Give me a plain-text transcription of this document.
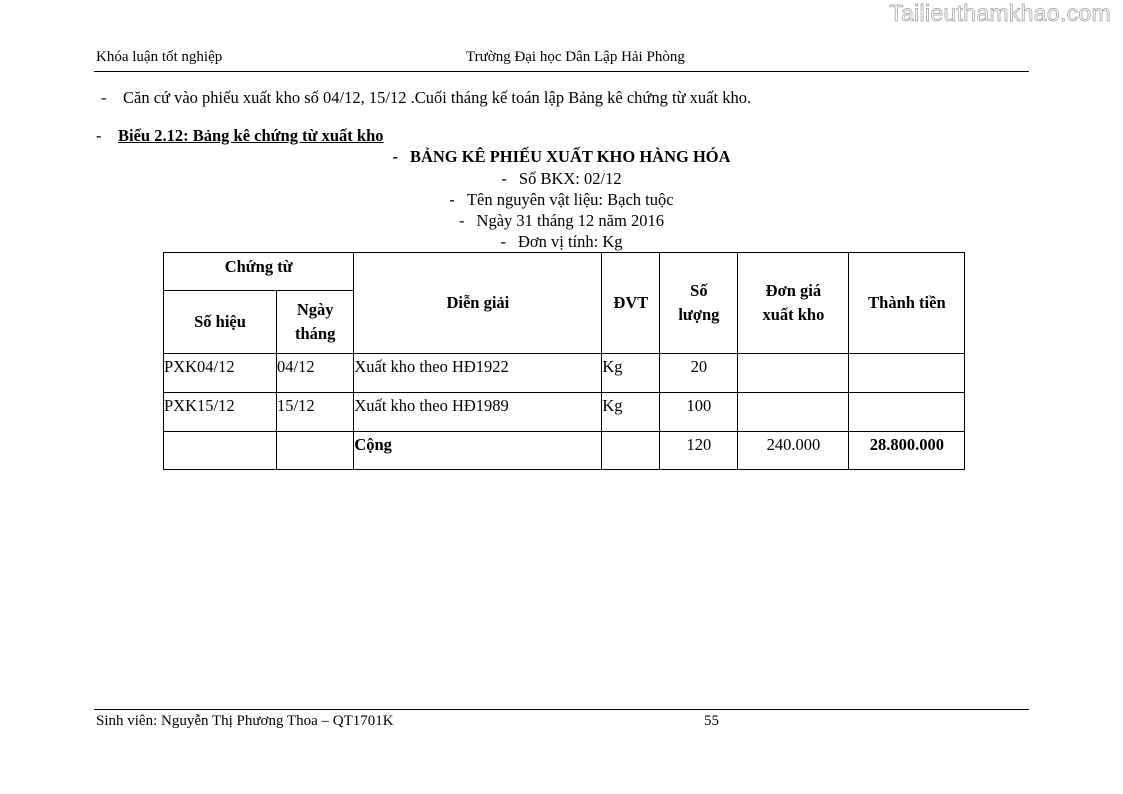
Tailieuthamkhao.com
Khóa luận tốt nghiệp	Trường Đại học Dân Lập Hải Phòng
- Căn cứ vào phiếu xuất kho số 04/12, 15/12 .Cuối tháng kế toán lập Bảng kê chứng từ xuất kho.
- Biểu 2.12: Bảng kê chứng từ xuất kho
- BẢNG KÊ PHIẾU XUẤT KHO HÀNG HÓA
- Số BKX: 02/12
- Tên nguyên vật liệu: Bạch tuộc
- Ngày 31 tháng 12 năm 2016
- Đơn vị tính: Kg
Chứng từ		Diễn giải	ĐVT	Số lượng	Đơn giá xuất kho	Thành tiền
Số hiệu	Ngày tháng					
PXK04/12	04/12	Xuất kho theo HĐ1922	Kg	20		
PXK15/12	15/12	Xuất kho theo HĐ1989	Kg	100		
		Cộng		120	240.000	28.800.000
Sinh viên: Nguyễn Thị Phương Thoa – QT1701K	55
